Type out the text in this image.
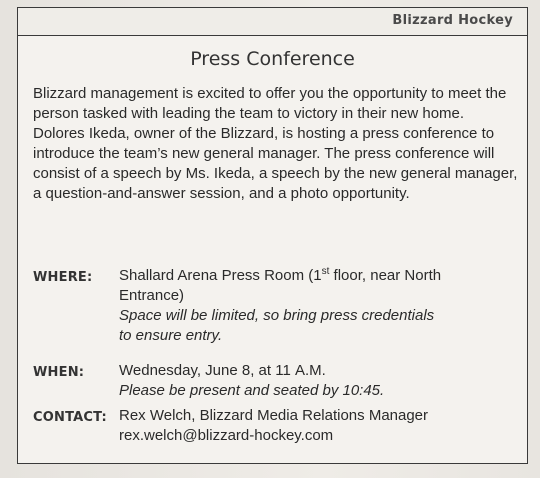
Blizzard Hockey
Press Conference

Blizzard management is excited to offer you the opportunity to meet the person tasked with leading the team to victory in their new home. Dolores Ikeda, owner of the Blizzard, is hosting a press conference to introduce the team’s new general manager. The press conference will consist of a speech by Ms. Ikeda, a speech by the new general manager, a question-and-answer session, and a photo opportunity.

WHERE: Shallard Arena Press Room (1st floor, near North
Entrance)
Space will be limited, so bring press credentials
to ensure entry.
WHEN: Wednesday, June 8, at 11 A.M.
Please be present and seated by 10:45.
CONTACT: Rex Welch, Blizzard Media Relations Manager
rex.welch@blizzard-hockey.com
